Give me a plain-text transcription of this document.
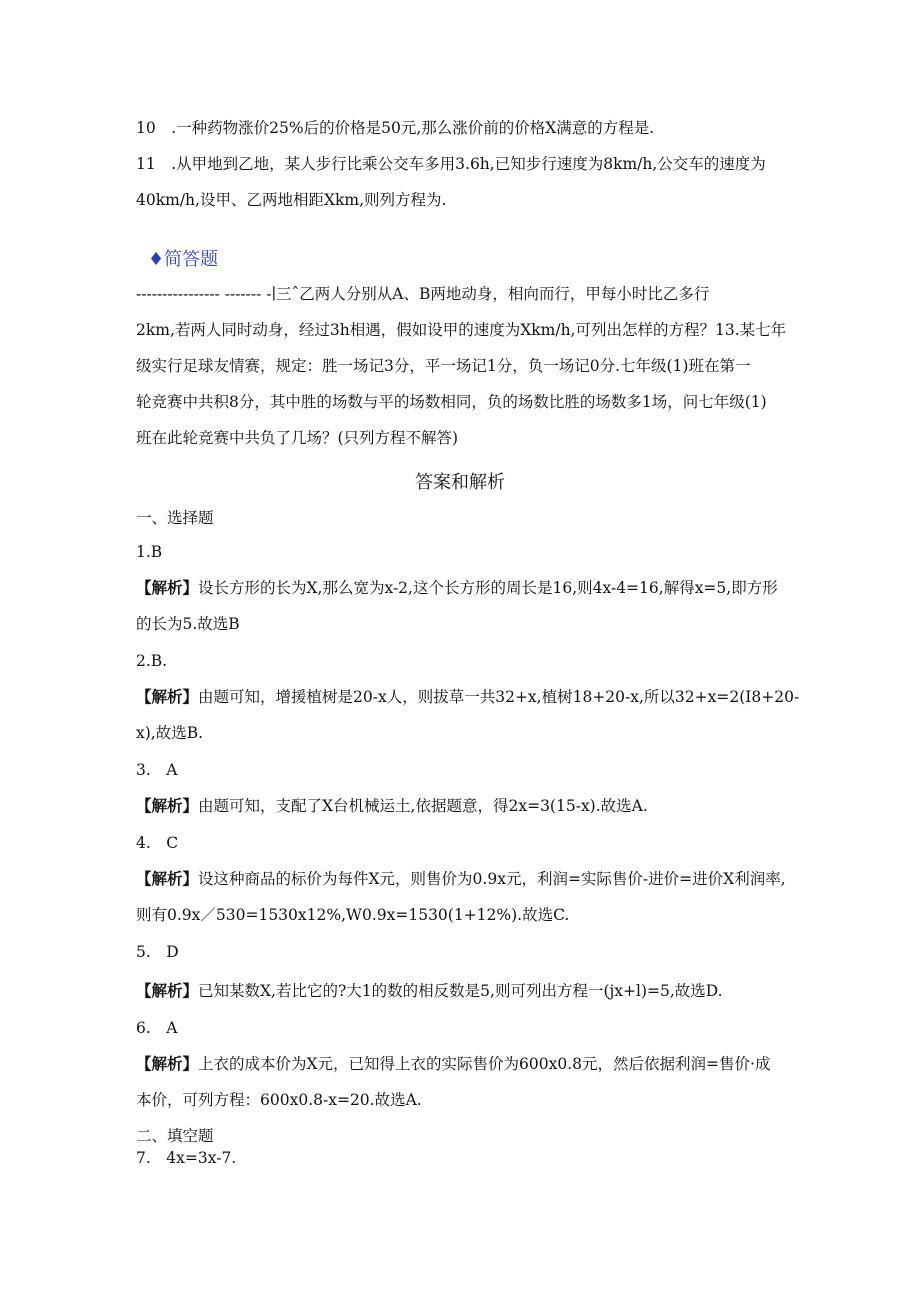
10　.一种药物涨价25%后的价格是50元,那么涨价前的价格X满意的方程是.
11　.从甲地到乙地，某人步行比乘公交车多用3.6h,已知步行速度为8km/h,公交车的速度为
40km/h,设甲、乙两地相距Xkm,则列方程为.
♦简答题
---------------- ------- -∣三ˆ乙两人分别从A、B两地动身，相向而行，甲每小时比乙多行
2km,若两人同时动身，经过3h相遇，假如设甲的速度为Xkm/h,可列出怎样的方程？13.某七年
级实行足球友情赛，规定：胜一场记3分，平一场记1分，负一场记0分.七年级(1)班在第一
轮竞赛中共积8分，其中胜的场数与平的场数相同，负的场数比胜的场数多1场，问七年级(1)
班在此轮竞赛中共负了几场？(只列方程不解答)
答案和解析
一、选择题
1.B
【解析】设长方形的长为X,那么宽为x-2,这个长方形的周长是16,则4x-4=16,解得x=5,即方形
的长为5.故选B
2.B.
【解析】由题可知，增援植树是20-x人，则拔草一共32+x,植树18+20-x,所以32+x=2(I8+20-
x),故选B.
3.　A
【解析】由题可知，支配了X台机械运土,依据题意，得2x=3(15-x).故选A.
4.　C
【解析】设这种商品的标价为每件X元，则售价为0.9x元，利润=实际售价-进价=进价X利润率,
则有0.9x／530=1530x12%,W0.9x=1530(1+12%).故选C.
5.　D
【解析】已知某数X,若比它的?大1的数的相反数是5,则可列出方程一(jx+l)=5,故选D.
6.　A
【解析】上衣的成本价为X元，已知得上衣的实际售价为600x0.8元，然后依据利润=售价·成
本价，可列方程：600x0.8-x=20.故选A.
二、填空题
7.　4x=3x-7.
